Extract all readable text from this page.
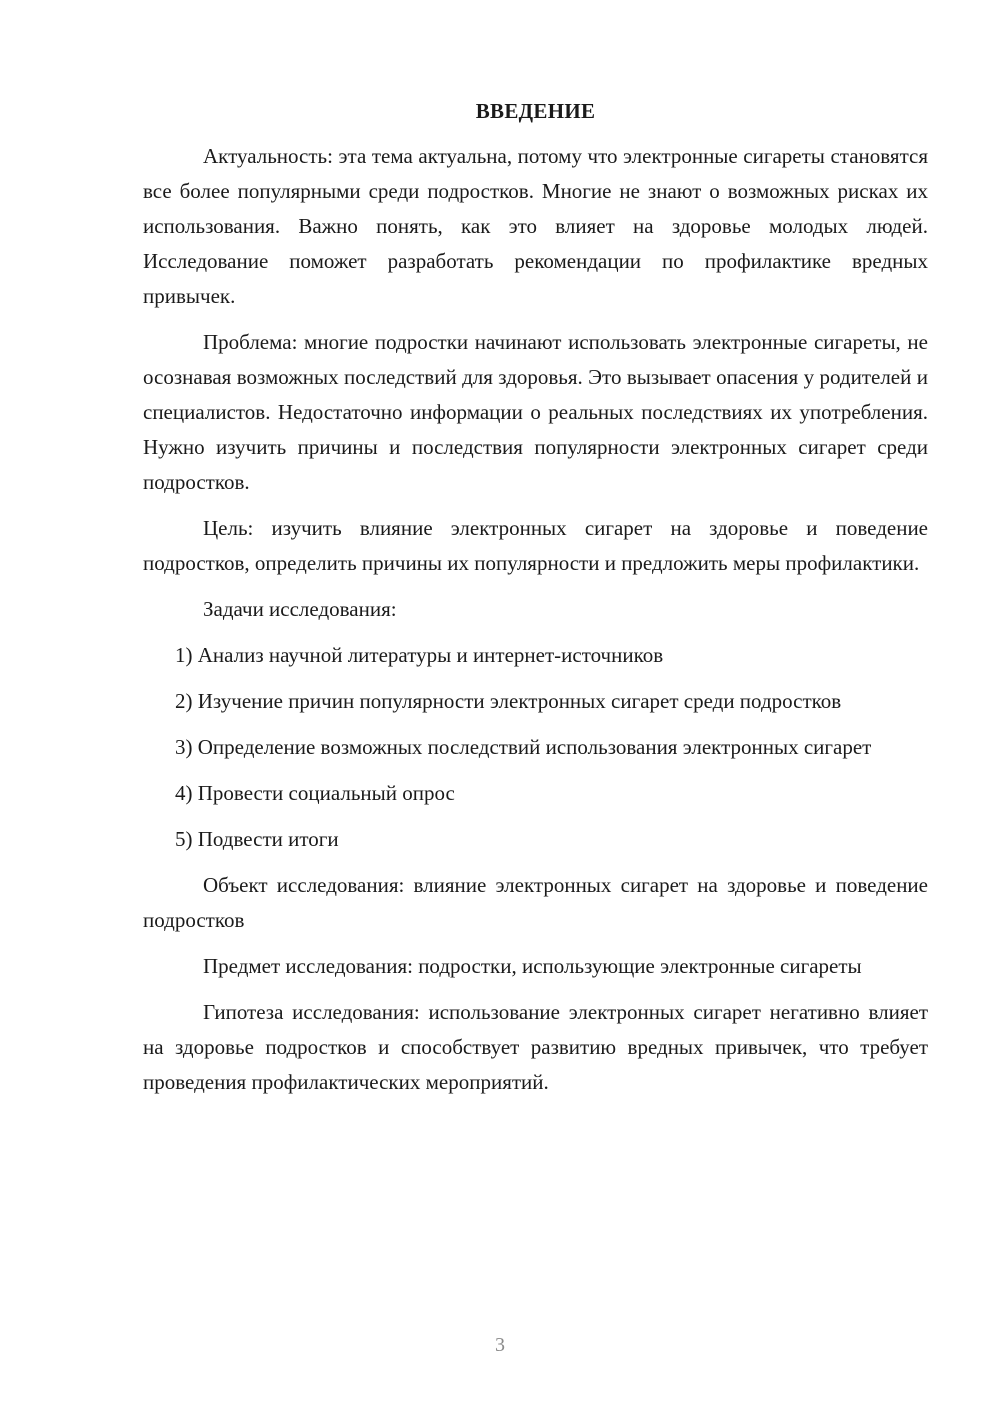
ВВЕДЕНИЕ

Актуальность: эта тема актуальна, потому что электронные сигареты становятся все более популярными среди подростков. Многие не знают о возможных рисках их использования. Важно понять, как это влияет на здоровье молодых людей. Исследование поможет разработать рекомендации по профилактике вредных привычек.

Проблема: многие подростки начинают использовать электронные сигареты, не осознавая возможных последствий для здоровья. Это вызывает опасения у родителей и специалистов. Недостаточно информации о реальных последствиях их употребления. Нужно изучить причины и последствия популярности электронных сигарет среди подростков.

Цель: изучить влияние электронных сигарет на здоровье и поведение подростков, определить причины их популярности и предложить меры профилактики.

Задачи исследования:

1) Анализ научной литературы и интернет-источников

2) Изучение причин популярности электронных сигарет среди подростков

3) Определение возможных последствий использования электронных сигарет

4) Провести социальный опрос

5) Подвести итоги

Объект исследования: влияние электронных сигарет на здоровье и поведение подростков

Предмет исследования: подростки, использующие электронные сигареты

Гипотеза исследования: использование электронных сигарет негативно влияет на здоровье подростков и способствует развитию вредных привычек, что требует проведения профилактических мероприятий.

3
